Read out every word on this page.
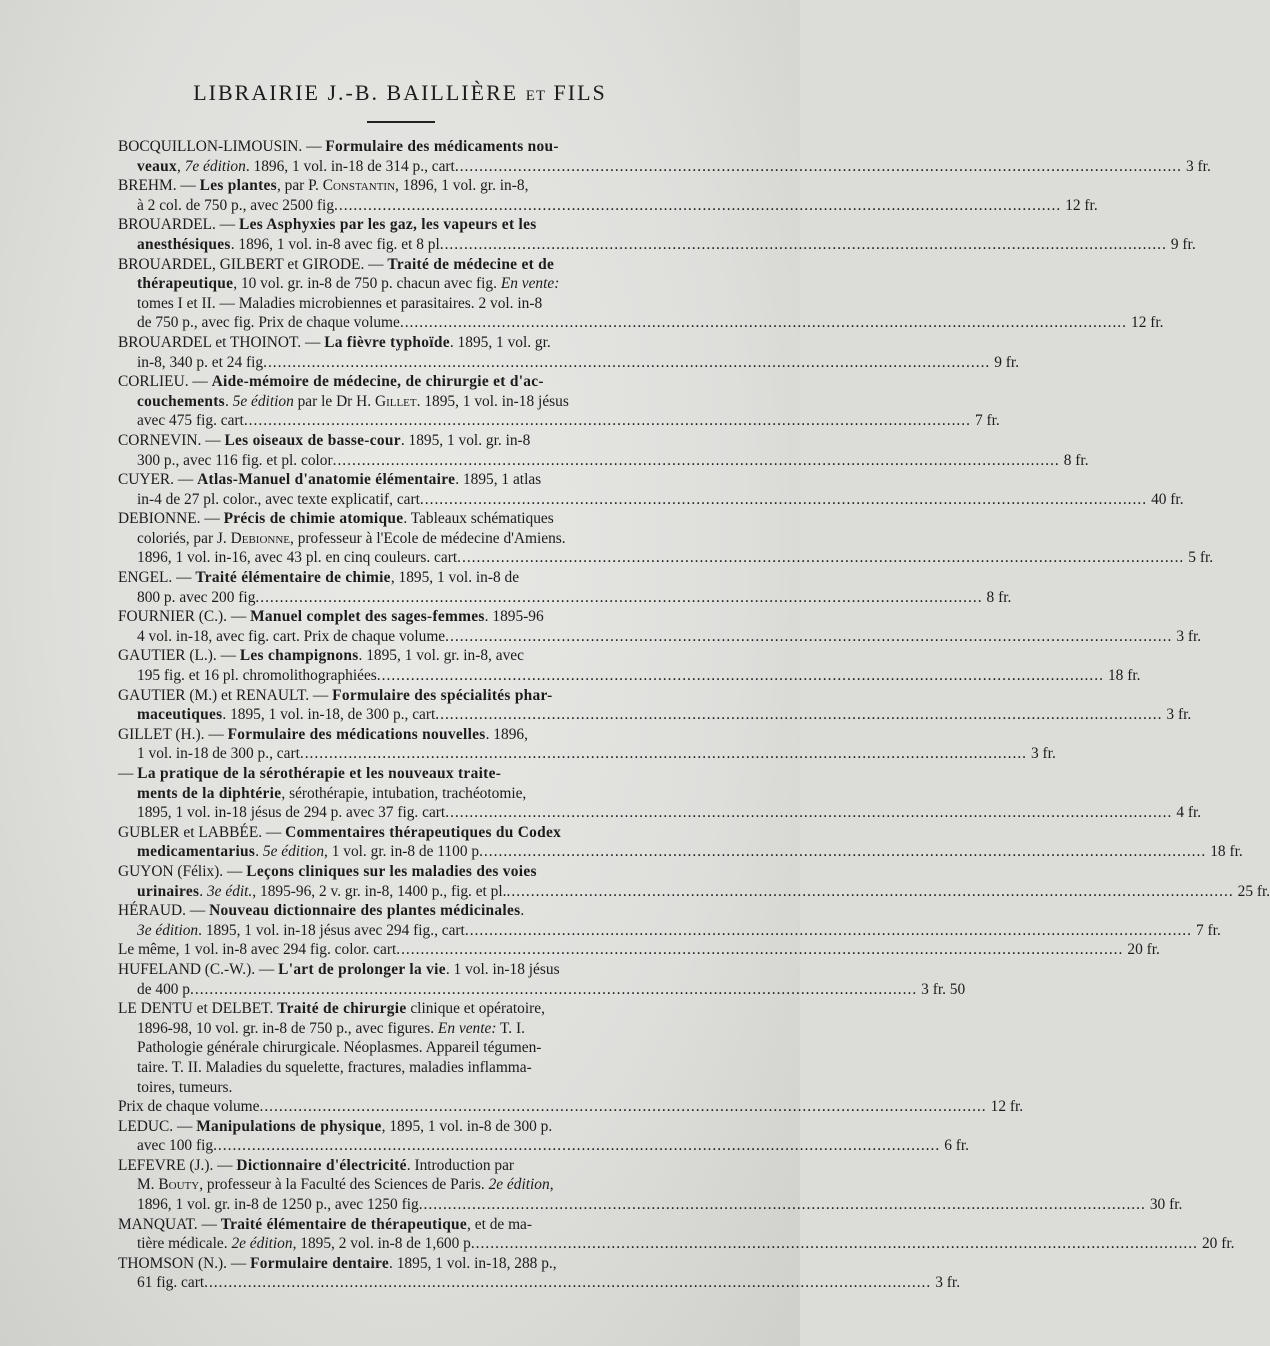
LIBRAIRIE J.-B. BAILLIÈRE ET FILS
BOCQUILLON-LIMOUSIN. — Formulaire des médicaments nou-
veaux, 7e édition. 1896, 1 vol. in-18 de 314 p., cart .....	3 fr.
BREHM. — Les plantes, par P. Constantin, 1896, 1 vol. gr. in-8,
à 2 col. de 750 p., avec 2500 fig .....	12 fr.
BROUARDEL. — Les Asphyxies par les gaz, les vapeurs et les
anesthésiques. 1896, 1 vol. in-8 avec fig. et 8 pl .....	9 fr.
BROUARDEL, GILBERT et GIRODE. — Traité de médecine et de
thérapeutique, 10 vol. gr. in-8 de 750 p. chacun avec fig. En vente:
tomes I et II. — Maladies microbiennes et parasitaires. 2 vol. in-8
de 750 p., avec fig. Prix de chaque volume .....	12 fr.
BROUARDEL et THOINOT. — La fièvre typhoïde. 1895, 1 vol. gr.
in-8, 340 p. et 24 fig .....	9 fr.
CORLIEU. — Aide-mémoire de médecine, de chirurgie et d'ac-
couchements. 5e édition par le Dr H. Gillet. 1895, 1 vol. in-18 jésus
avec 475 fig. cart .....	7 fr.
CORNEVIN. — Les oiseaux de basse-cour. 1895, 1 vol. gr. in-8
300 p., avec 116 fig. et pl. color .....	8 fr.
CUYER. — Atlas-Manuel d'anatomie élémentaire. 1895, 1 atlas
in-4 de 27 pl. color., avec texte explicatif, cart .....	40 fr.
DEBIONNE. — Précis de chimie atomique. Tableaux schématiques
coloriés, par J. Debionne, professeur à l'Ecole de médecine d'Amiens.
1896, 1 vol. in-16, avec 43 pl. en cinq couleurs. cart .....	5 fr.
ENGEL. — Traité élémentaire de chimie, 1895, 1 vol. in-8 de
800 p. avec 200 fig .....	8 fr.
FOURNIER (C.). — Manuel complet des sages-femmes. 1895-96
4 vol. in-18, avec fig. cart. Prix de chaque volume .....	3 fr.
GAUTIER (L.). — Les champignons. 1895, 1 vol. gr. in-8, avec
195 fig. et 16 pl. chromolithographiées .....	18 fr.
GAUTIER (M.) et RENAULT. — Formulaire des spécialités phar-
maceutiques. 1895, 1 vol. in-18, de 300 p., cart .....	3 fr.
GILLET (H.). — Formulaire des médications nouvelles. 1896,
1 vol. in-18 de 300 p., cart .....	3 fr.
— La pratique de la sérothérapie et les nouveaux traite-
ments de la diphtérie, sérothérapie, intubation, trachéotomie,
1895, 1 vol. in-18 jésus de 294 p. avec 37 fig. cart .....	4 fr.
GUBLER et LABBÉE. — Commentaires thérapeutiques du Codex
medicamentarius. 5e édition, 1 vol. gr. in-8 de 1100 p .....	18 fr.
GUYON (Félix). — Leçons cliniques sur les maladies des voies
urinaires. 3e édit., 1895-96, 2 v. gr. in-8, 1400 p., fig. et pl. .....	25 fr.
HÉRAUD. — Nouveau dictionnaire des plantes médicinales.
3e édition. 1895, 1 vol. in-18 jésus avec 294 fig., cart .....	7 fr.
Le même, 1 vol. in-8 avec 294 fig. color. cart .....	20 fr.
HUFELAND (C.-W.). — L'art de prolonger la vie. 1 vol. in-18 jésus
de 400 p .....	3 fr. 50
LE DENTU et DELBET. Traité de chirurgie clinique et opératoire,
1896-98, 10 vol. gr. in-8 de 750 p., avec figures. En vente: T. I.
Pathologie générale chirurgicale. Néoplasmes. Appareil tégumen-
taire. T. II. Maladies du squelette, fractures, maladies inflamma-
toires, tumeurs.
Prix de chaque volume .....	12 fr.
LEDUC. — Manipulations de physique, 1895, 1 vol. in-8 de 300 p.
avec 100 fig .....	6 fr.
LEFEVRE (J.). — Dictionnaire d'électricité. Introduction par
M. Bouty, professeur à la Faculté des Sciences de Paris. 2e édition,
1896, 1 vol. gr. in-8 de 1250 p., avec 1250 fig .....	30 fr.
MANQUAT. — Traité élémentaire de thérapeutique, et de ma-
tière médicale. 2e édition, 1895, 2 vol. in-8 de 1,600 p .....	20 fr.
THOMSON (N.). — Formulaire dentaire. 1895, 1 vol. in-18, 288 p.,
61 fig. cart .....	3 fr.
